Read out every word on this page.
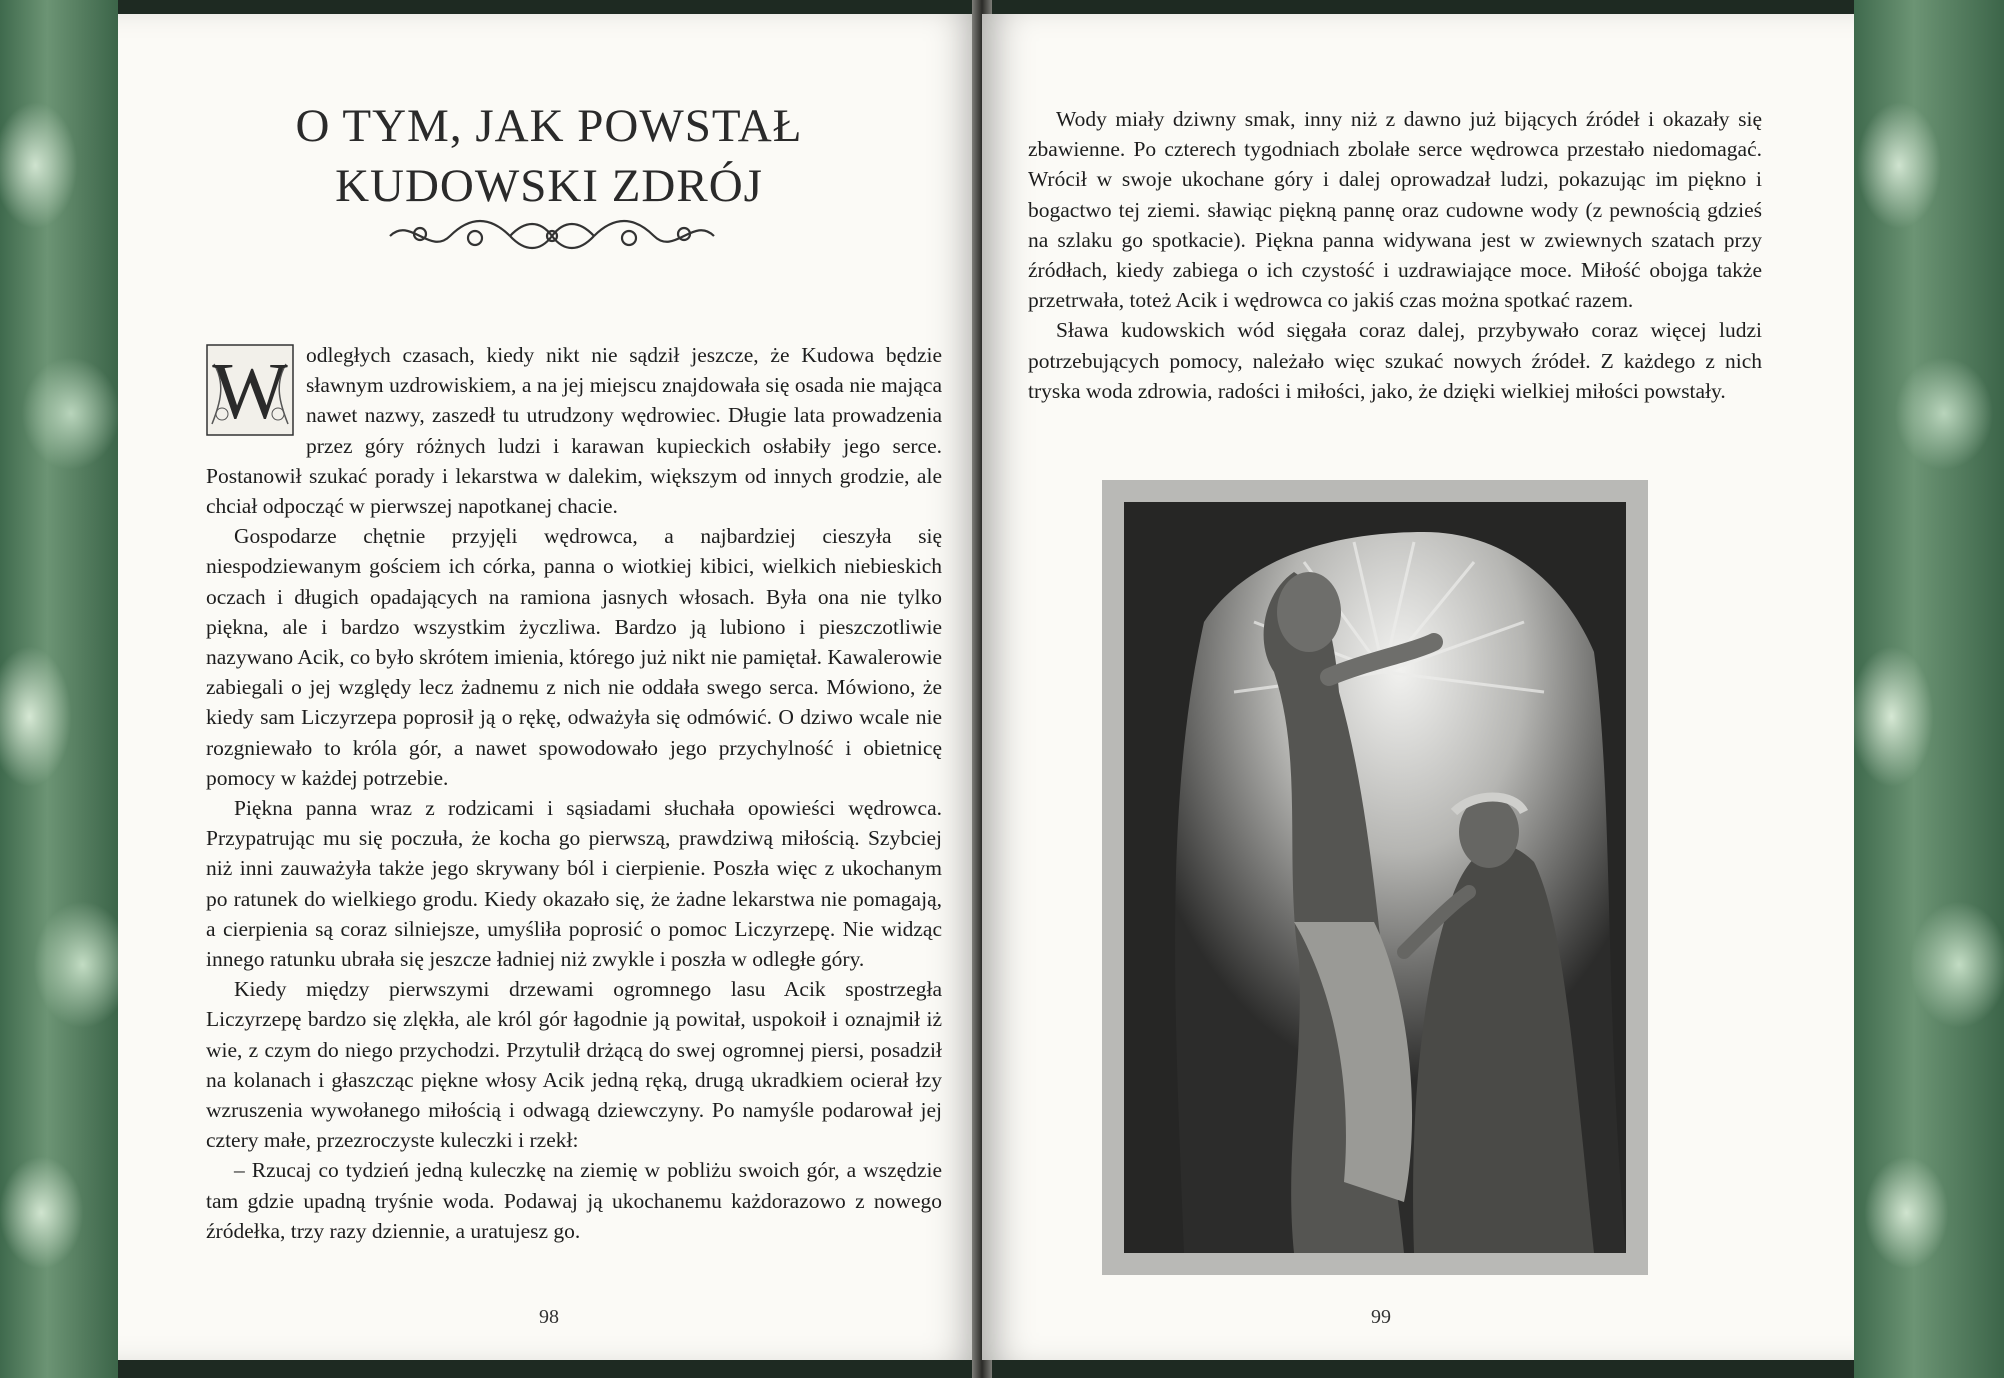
O TYM, JAK POWSTAŁ
KUDOWSKI ZDRÓJ

W odległych czasach, kiedy nikt nie sądził jeszcze, że Kudowa będzie sławnym uzdrowiskiem, a na jej miejscu znajdowała się osada nie mająca nawet nazwy, zaszedł tu utrudzony wędrowiec. Długie lata prowadzenia przez góry różnych ludzi i karawan kupieckich osłabiły jego serce. Postanowił szukać porady i lekarstwa w dalekim, większym od innych grodzie, ale chciał odpocząć w pierwszej napotkanej chacie.

Gospodarze chętnie przyjęli wędrowca, a najbardziej cieszyła się niespodziewanym gościem ich córka, panna o wiotkiej kibici, wielkich niebieskich oczach i długich opadających na ramiona jasnych włosach. Była ona nie tylko piękna, ale i bardzo wszystkim życzliwa. Bardzo ją lubiono i pieszczotliwie nazywano Acik, co było skrótem imienia, którego już nikt nie pamiętał. Kawalerowie zabiegali o jej względy lecz żadnemu z nich nie oddała swego serca. Mówiono, że kiedy sam Liczyrzepa poprosił ją o rękę, odważyła się odmówić. O dziwo wcale nie rozgniewało to króla gór, a nawet spowodowało jego przychylność i obietnicę pomocy w każdej potrzebie.

Piękna panna wraz z rodzicami i sąsiadami słuchała opowieści wędrowca. Przypatrując mu się poczuła, że kocha go pierwszą, prawdziwą miłością. Szybciej niż inni zauważyła także jego skrywany ból i cierpienie. Poszła więc z ukochanym po ratunek do wielkiego grodu. Kiedy okazało się, że żadne lekarstwa nie pomagają, a cierpienia są coraz silniejsze, umyśliła poprosić o pomoc Liczyrzepę. Nie widząc innego ratunku ubrała się jeszcze ładniej niż zwykle i poszła w odległe góry.

Kiedy między pierwszymi drzewami ogromnego lasu Acik spostrzegła Liczyrzepę bardzo się zlękła, ale król gór łagodnie ją powitał, uspokoił i oznajmił iż wie, z czym do niego przychodzi. Przytulił drżącą do swej ogromnej piersi, posadził na kolanach i głaszcząc piękne włosy Acik jedną ręką, drugą ukradkiem ocierał łzy wzruszenia wywołanego miłością i odwagą dziewczyny. Po namyśle podarował jej cztery małe, przezroczyste kuleczki i rzekł:

– Rzucaj co tydzień jedną kuleczkę na ziemię w pobliżu swoich gór, a wszędzie tam gdzie upadną tryśnie woda. Podawaj ją ukochanemu każdorazowo z nowego źródełka, trzy razy dziennie, a uratujesz go.

98

Wody miały dziwny smak, inny niż z dawno już bijących źródeł i okazały się zbawienne. Po czterech tygodniach zbolałe serce wędrowca przestało niedomagać. Wrócił w swoje ukochane góry i dalej oprowadzał ludzi, pokazując im piękno i bogactwo tej ziemi. sławiąc piękną pannę oraz cudowne wody (z pewnością gdzieś na szlaku go spotkacie). Piękna panna widywana jest w zwiewnych szatach przy źródłach, kiedy zabiega o ich czystość i uzdrawiające moce. Miłość obojga także przetrwała, toteż Acik i wędrowca co jakiś czas można spotkać razem.

Sława kudowskich wód sięgała coraz dalej, przybywało coraz więcej ludzi potrzebujących pomocy, należało więc szukać nowych źródeł. Z każdego z nich tryska woda zdrowia, radości i miłości, jako, że dzięki wielkiej miłości powstały.

99
